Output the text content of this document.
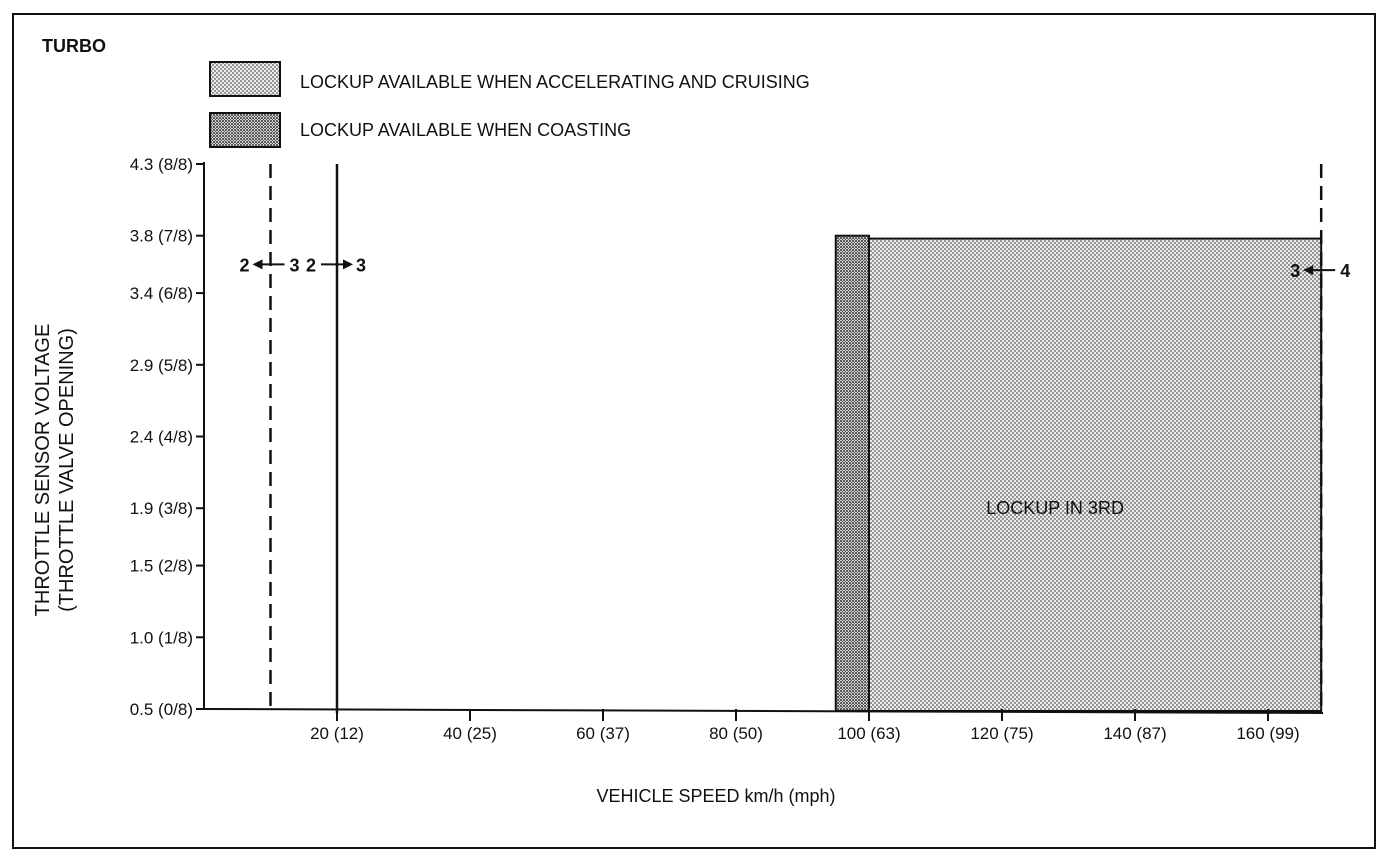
TURBO
LOCKUP AVAILABLE WHEN ACCELERATING AND CRUISING
LOCKUP AVAILABLE WHEN COASTING
0.5 (0/8)
1.0 (1/8)
1.5 (2/8)
1.9 (3/8)
2.4 (4/8)
2.9 (5/8)
3.4 (6/8)
3.8 (7/8)
4.3 (8/8)
20 (12)	40 (25)	60 (37)	80 (50)	100 (63)	120 (75)	140 (87)	160 (99)
2 3 2 3	3 4
LOCKUP IN 3RD
VEHICLE SPEED km/h (mph)
THROTTLE SENSOR VOLTAGE (THROTTLE VALVE OPENING)
